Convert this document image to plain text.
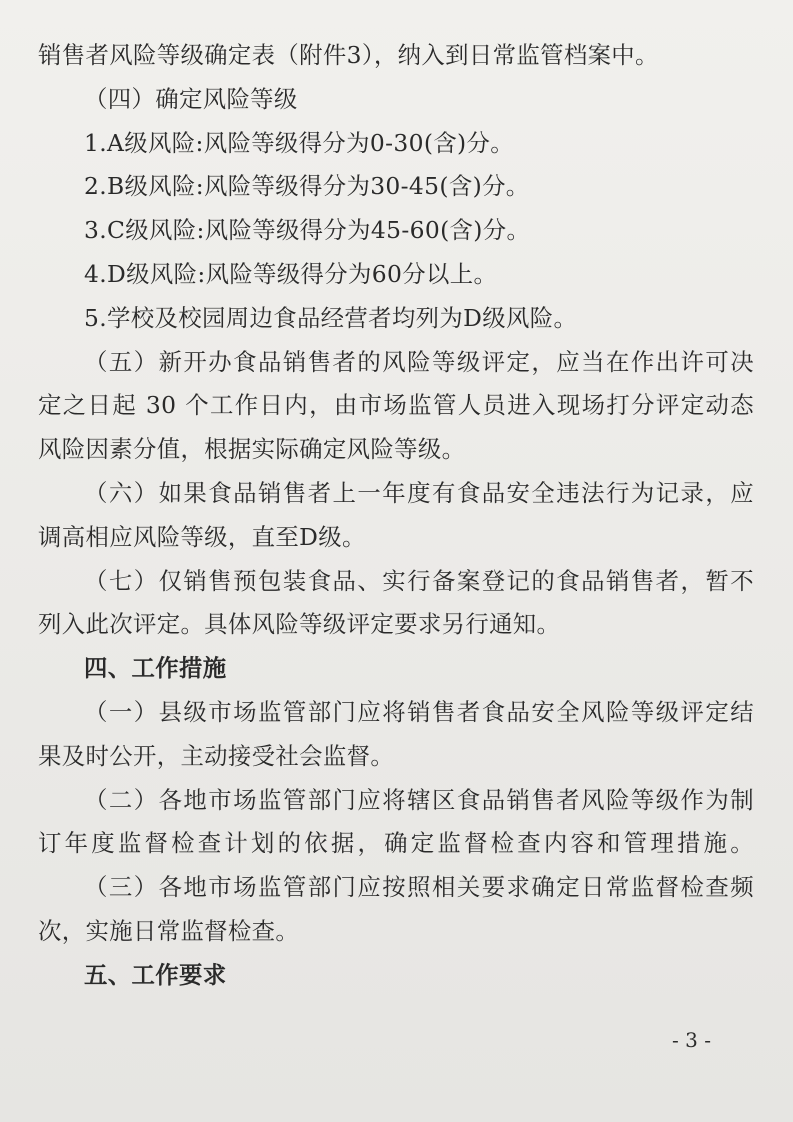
销售者风险等级确定表（附件3），纳入到日常监管档案中。
（四）确定风险等级
1.A级风险:风险等级得分为0-30(含)分。
2.B级风险:风险等级得分为30-45(含)分。
3.C级风险:风险等级得分为45-60(含)分。
4.D级风险:风险等级得分为60分以上。
5.学校及校园周边食品经营者均列为D级风险。
（五）新开办食品销售者的风险等级评定，应当在作出许可决
定之日起 30 个工作日内，由市场监管人员进入现场打分评定动态
风险因素分值，根据实际确定风险等级。
（六）如果食品销售者上一年度有食品安全违法行为记录，应
调高相应风险等级，直至D级。
（七）仅销售预包装食品、实行备案登记的食品销售者，暂不
列入此次评定。具体风险等级评定要求另行通知。
四、工作措施
（一）县级市场监管部门应将销售者食品安全风险等级评定结
果及时公开，主动接受社会监督。
（二）各地市场监管部门应将辖区食品销售者风险等级作为制
订年度监督检查计划的依据，确定监督检查内容和管理措施。
（三）各地市场监管部门应按照相关要求确定日常监督检查频
次，实施日常监督检查。
五、工作要求
- 3 -
